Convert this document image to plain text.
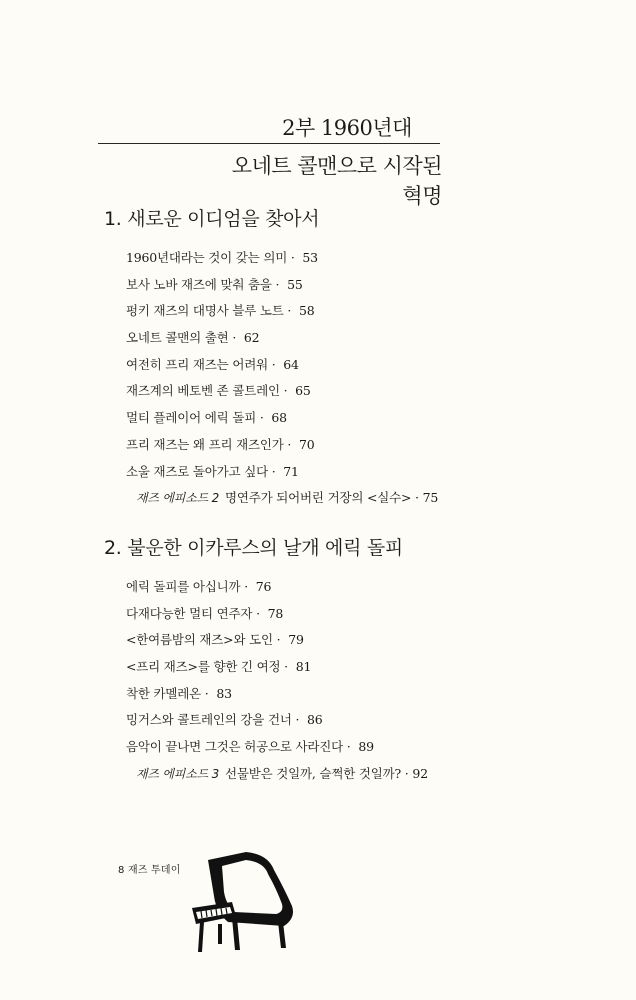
2부 1960년대
오네트 콜맨으로 시작된 혁명
1. 새로운 이디엄을 찾아서
1960년대라는 것이 갖는 의미 · 53
보사 노바 재즈에 맞춰 춤을 · 55
펑키 재즈의 대명사 블루 노트 · 58
오네트 콜맨의 출현 · 62
여전히 프리 재즈는 어려워 · 64
재즈계의 베토벤 존 콜트레인 · 65
멀티 플레이어 에릭 돌피 · 68
프리 재즈는 왜 프리 재즈인가 · 70
소울 재즈로 돌아가고 싶다 · 71
재즈 에피소드 2 명연주가 되어버린 거장의 <실수> · 75
2. 불운한 이카루스의 날개 에릭 돌피
에릭 돌피를 아십니까 · 76
다재다능한 멀티 연주자 · 78
<한여름밤의 재즈>와 도인 · 79
<프리 재즈>를 향한 긴 여정 · 81
착한 카멜레온 · 83
밍거스와 콜트레인의 강을 건너 · 86
음악이 끝나면 그것은 허공으로 사라진다 · 89
재즈 에피소드 3 선물받은 것일까, 슬쩍한 것일까? · 92
8 재즈 투데이
